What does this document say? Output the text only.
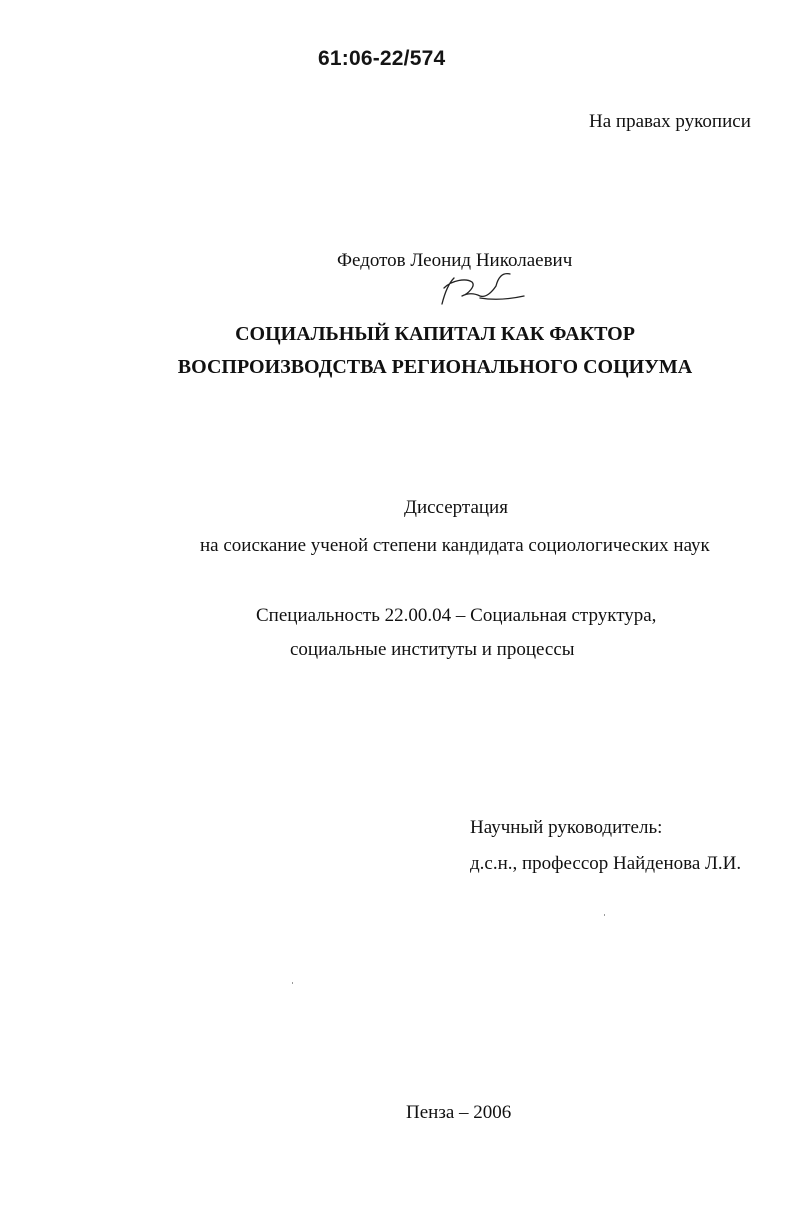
61:06-22/574
На правах рукописи
Федотов Леонид Николаевич
СОЦИАЛЬНЫЙ КАПИТАЛ КАК ФАКТОР
ВОСПРОИЗВОДСТВА РЕГИОНАЛЬНОГО СОЦИУМА
Диссертация
на соискание ученой степени кандидата социологических наук
Специальность 22.00.04 – Социальная структура,
социальные институты и процессы
Научный руководитель:
д.с.н., профессор Найденова Л.И.
Пенза – 2006
